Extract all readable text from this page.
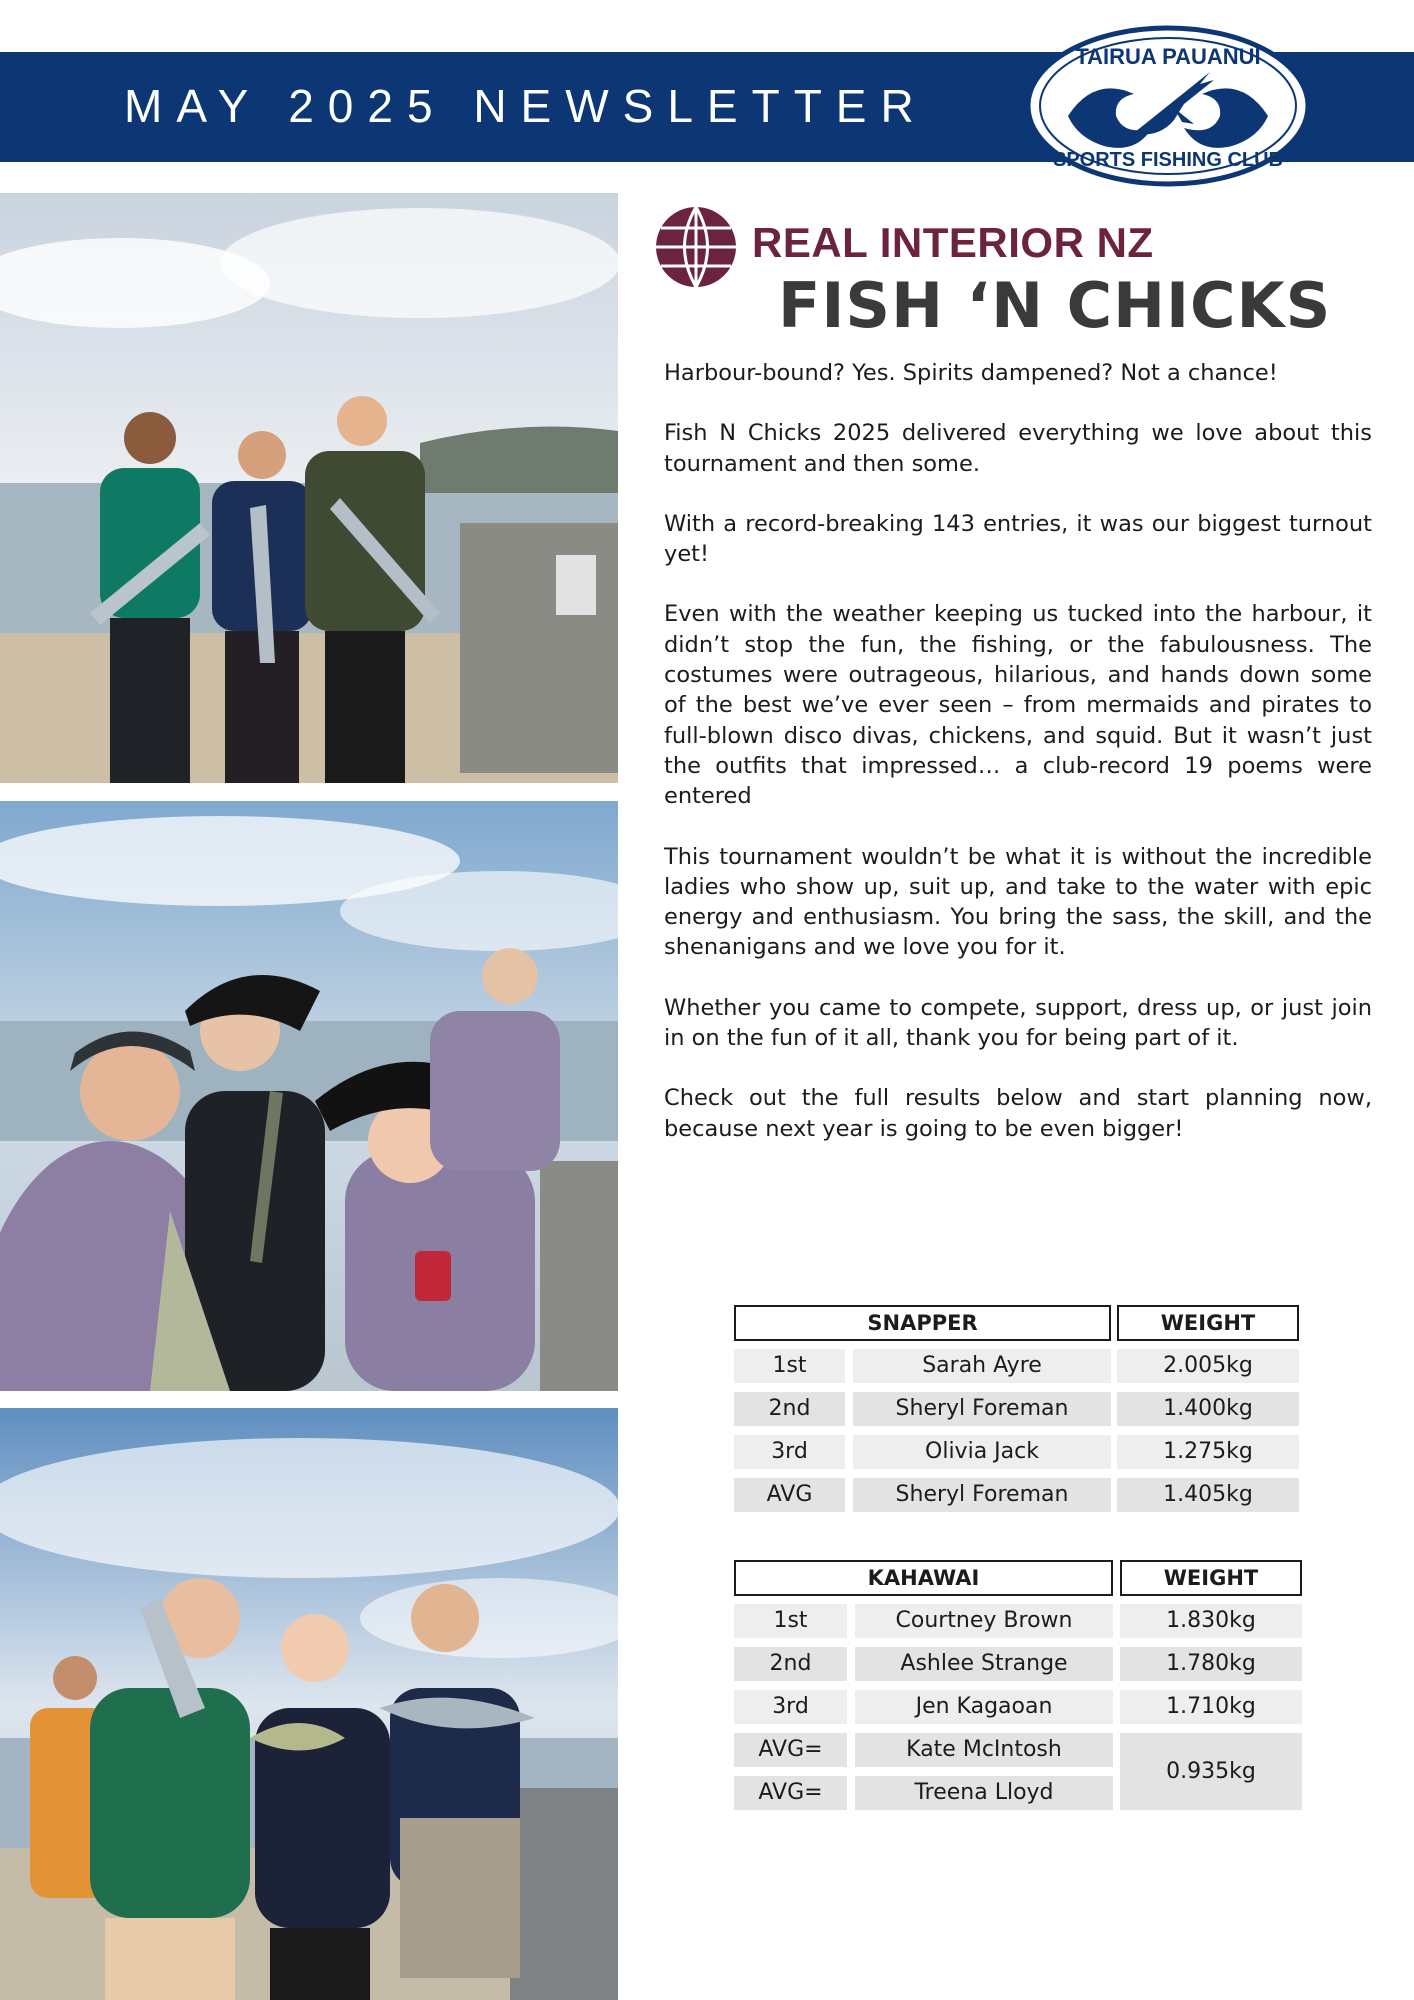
MAY 2025 NEWSLETTER
TAIRUA PAUANUI
SPORTS FISHING CLUB
REAL INTERIOR NZ
FISH ‘N CHICKS

Harbour-bound? Yes. Spirits dampened? Not a chance!

Fish N Chicks 2025 delivered everything we love about this tournament and then some.

With a record-breaking 143 entries, it was our biggest turnout yet!

Even with the weather keeping us tucked into the harbour, it didn’t stop the fun, the fishing, or the fabulousness. The costumes were outrageous, hilarious, and hands down some of the best we’ve ever seen – from mermaids and pirates to full-blown disco divas, chickens, and squid. But it wasn’t just the outfits that impressed… a club-record 19 poems were entered

This tournament wouldn’t be what it is without the incredible ladies who show up, suit up, and take to the water with epic energy and enthusiasm. You bring the sass, the skill, and the shenanigans and we love you for it.

Whether you came to compete, support, dress up, or just join in on the fun of it all, thank you for being part of it.

Check out the full results below and start planning now, because next year is going to be even bigger!

SNAPPER	WEIGHT
1st	Sarah Ayre	2.005kg
2nd	Sheryl Foreman	1.400kg
3rd	Olivia Jack	1.275kg
AVG	Sheryl Foreman	1.405kg
KAHAWAI	WEIGHT
1st	Courtney Brown	1.830kg
2nd	Ashlee Strange	1.780kg
3rd	Jen Kagaoan	1.710kg
AVG=	Kate McIntosh
AVG=	Treena Lloyd
0.935kg
